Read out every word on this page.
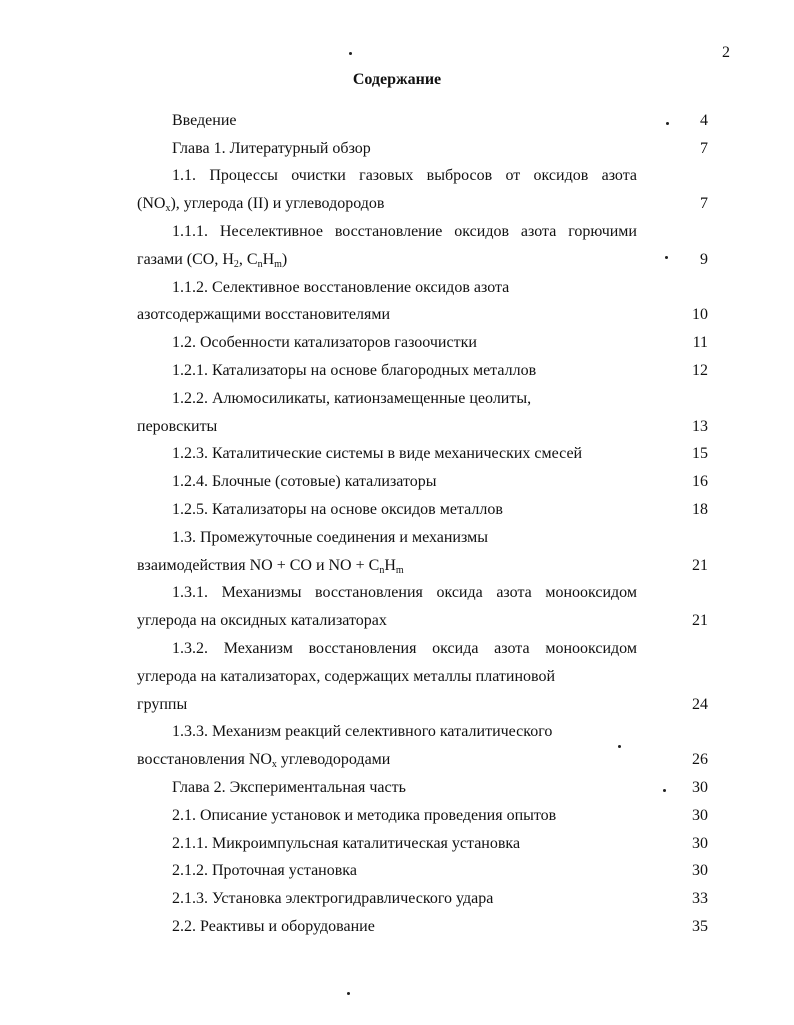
2
Содержание
Введение	4
Глава 1. Литературный обзор	7
1.1. Процессы очистки газовых выбросов от оксидов азота
$(NO_x)$, углерода (II) и углеводородов	7
1.1.1. Неселективное восстановление оксидов азота горючими
газами (CO, $H_2$, $C_nH_m$)	9
1.1.2. Селективное восстановление оксидов азота
азотсодержащими восстановителями	10
1.2. Особенности катализаторов газоочистки	11
1.2.1. Катализаторы на основе благородных металлов	12
1.2.2. Алюмосиликаты, катионзамещенные цеолиты,
перовскиты	13
1.2.3. Каталитические системы в виде механических смесей	15
1.2.4. Блочные (сотовые) катализаторы	16
1.2.5. Катализаторы на основе оксидов металлов	18
1.3. Промежуточные соединения и механизмы
взаимодействия NO + CO и NO + $C_nH_m$	21
1.3.1. Механизмы восстановления оксида азота монооксидом
углерода на оксидных катализаторах	21
1.3.2. Механизм восстановления оксида азота монооксидом
углерода на катализаторах, содержащих металлы платиновой
группы	24
1.3.3. Механизм реакций селективного каталитического
восстановления $NO_x$ углеводородами	26
Глава 2. Экспериментальная часть	30
2.1. Описание установок и методика проведения опытов	30
2.1.1. Микроимпульсная каталитическая установка	30
2.1.2. Проточная установка	30
2.1.3. Установка электрогидравлического удара	33
2.2. Реактивы и оборудование	35
